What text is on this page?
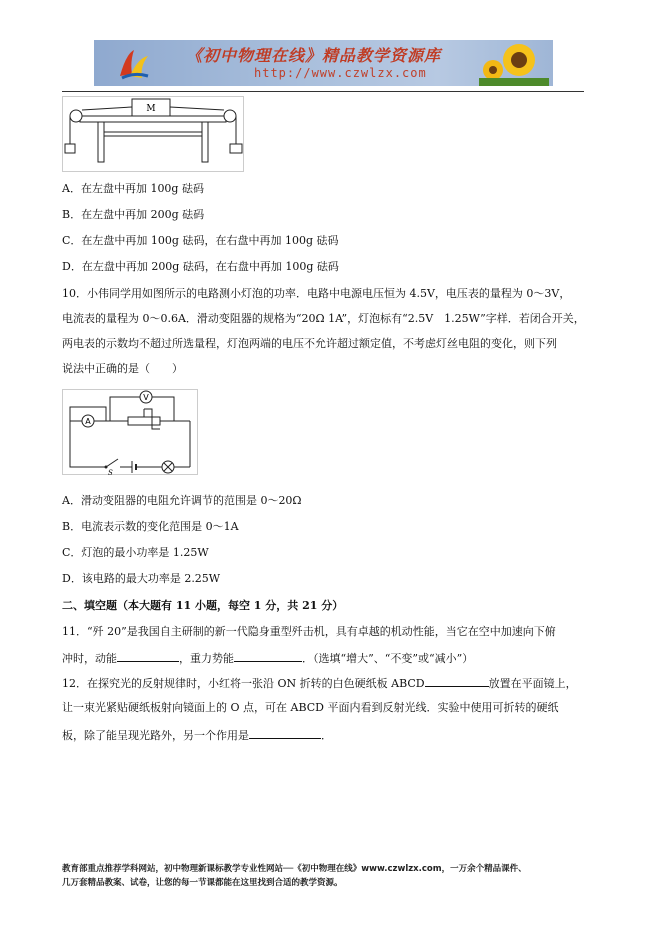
《初中物理在线》精品教学资源库
http://www.czwlzx.com
M
A．在左盘中再加 100g 砝码
B．在左盘中再加 200g 砝码
C．在左盘中再加 100g 砝码，在右盘中再加 100g 砝码
D．在左盘中再加 200g 砝码，在右盘中再加 100g 砝码
10．小伟同学用如图所示的电路测小灯泡的功率．电路中电源电压恒为 4.5V，电压表的量程为 0～3V，
电流表的量程为 0～0.6A．滑动变阻器的规格为“20Ω 1A”，灯泡标有“2.5V　1.25W”字样．若闭合开关，
两电表的示数均不超过所选量程，灯泡两端的电压不允许超过额定值，不考虑灯丝电阻的变化，则下列
说法中正确的是（　　）
A
V
S
A．滑动变阻器的电阻允许调节的范围是 0～20Ω
B．电流表示数的变化范围是 0～1A
C．灯泡的最小功率是 1.25W
D．该电路的最大功率是 2.25W
二、填空题（本大题有 11 小题，每空 1 分，共 21 分）
11．“歼 20”是我国自主研制的新一代隐身重型歼击机，具有卓越的机动性能，当它在空中加速向下俯
冲时，动能	，重力势能	．（选填“增大”、“不变”或“减小”）
12．在探究光的反射规律时，小红将一张沿 ON 折转的白色硬纸板 ABCD	放置在平面镜上，
让一束光紧贴硬纸板射向镜面上的 O 点，可在 ABCD 平面内看到反射光线．实验中使用可折转的硬纸
板，除了能呈现光路外，另一个作用是	．
教育部重点推荐学科网站，初中物理新课标教学专业性网站──《初中物理在线》www.czwlzx.com，一万余个精品课件、
几万套精品教案、试卷，让您的每一节课都能在这里找到合适的教学资源。
